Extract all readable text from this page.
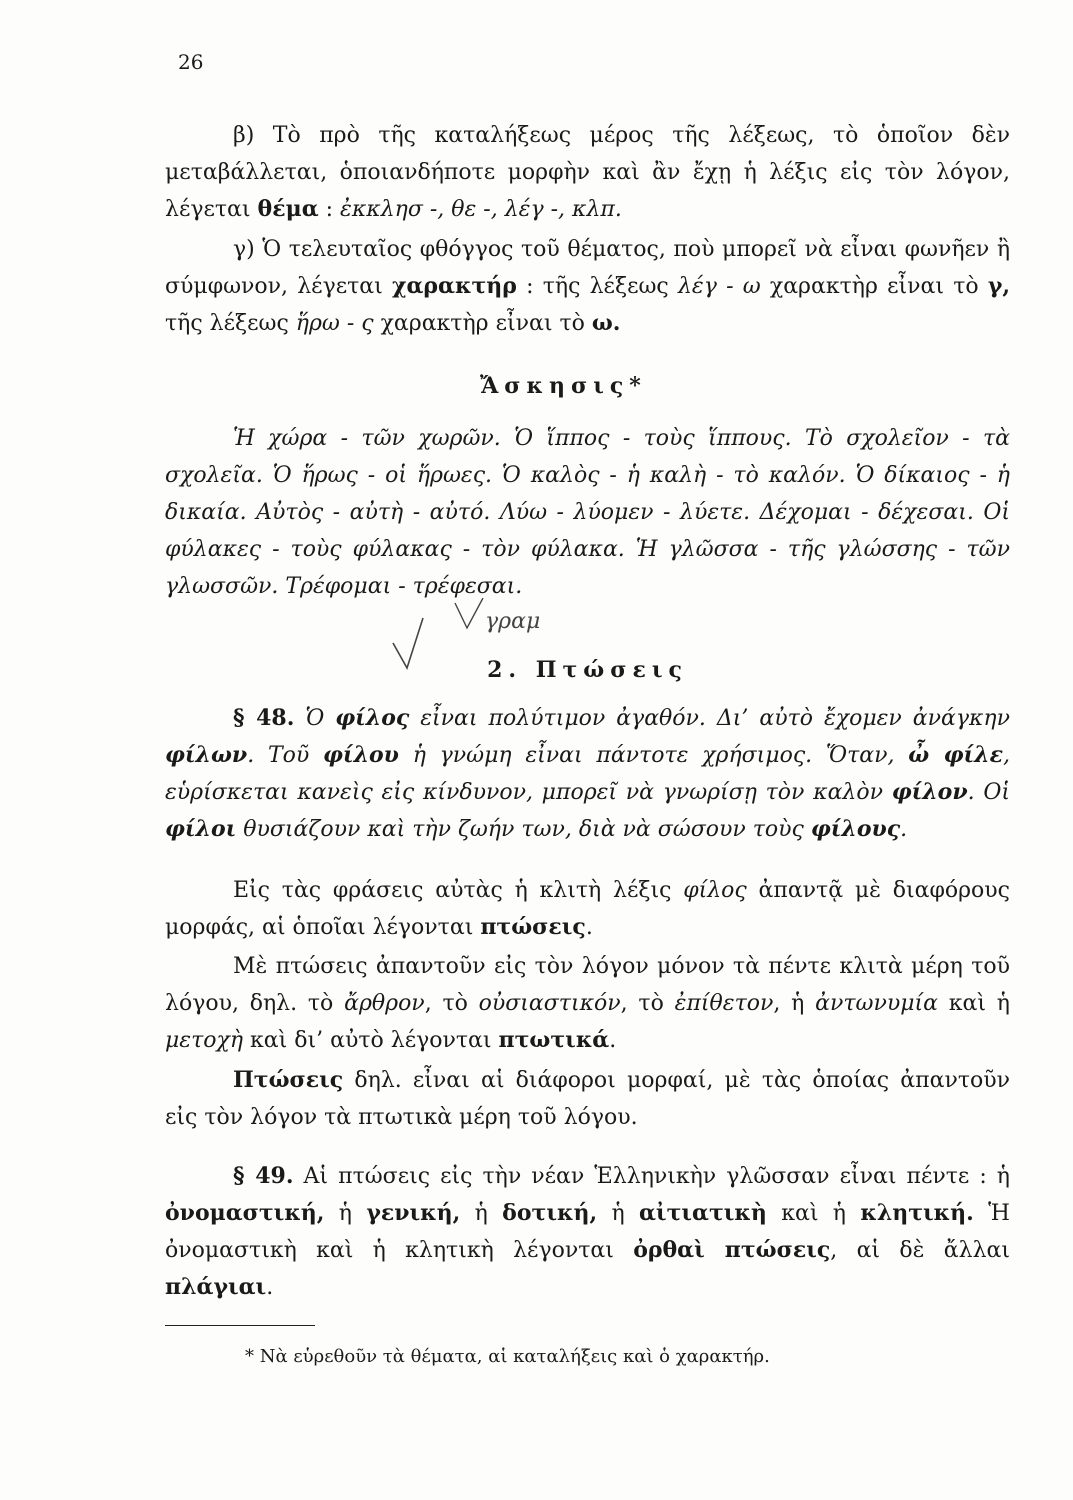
26
β) Τὸ πρὸ τῆς καταλήξεως μέρος τῆς λέξεως, τὸ ὁποῖον δὲν μεταβάλλεται, ὁποιανδήποτε μορφὴν καὶ ἂν ἔχῃ ἡ λέξις εἰς τὸν λόγον, λέγεται θέμα : ἐκκλησ -, θε -, λέγ -, κλπ.
γ) Ὁ τελευταῖος φθόγγος τοῦ θέματος, ποὺ μπορεῖ νὰ εἶναι φωνῆεν ἢ σύμφωνον, λέγεται χαρακτήρ : τῆς λέξεως λέγ - ω χαρακτὴρ εἶναι τὸ γ, τῆς λέξεως ἥρω - ς χαρακτὴρ εἶναι τὸ ω.
Ἄσκησις*
Ἡ χώρα - τῶν χωρῶν. Ὁ ἵππος - τοὺς ἵππους. Τὸ σχολεῖον - τὰ σχολεῖα. Ὁ ἥρως - οἱ ἥρωες. Ὁ καλὸς - ἡ καλὴ - τὸ καλόν. Ὁ δίκαιος - ἡ δικαία. Αὐτὸς - αὐτὴ - αὐτό. Λύω - λύομεν - λύετε. Δέχομαι - δέχεσαι. Οἱ φύλακες - τοὺς φύλακας - τὸν φύλακα. Ἡ γλῶσσα - τῆς γλώσσης - τῶν γλωσσῶν. Τρέφομαι - τρέφεσαι.
γραμ
2. Πτώσεις
§ 48. Ὁ φίλος εἶναι πολύτιμον ἀγαθόν. Δι’ αὐτὸ ἔχομεν ἀνάγκην φίλων. Τοῦ φίλου ἡ γνώμη εἶναι πάντοτε χρήσιμος. Ὅταν, ὦ φίλε, εὑρίσκεται κανεὶς εἰς κίνδυνον, μπορεῖ νὰ γνωρίσῃ τὸν καλὸν φίλον. Οἱ φίλοι θυσιάζουν καὶ τὴν ζωήν των, διὰ νὰ σώσουν τοὺς φίλους.
Εἰς τὰς φράσεις αὐτὰς ἡ κλιτὴ λέξις φίλος ἀπαντᾷ μὲ διαφόρους μορφάς, αἱ ὁποῖαι λέγονται πτώσεις.
Μὲ πτώσεις ἀπαντοῦν εἰς τὸν λόγον μόνον τὰ πέντε κλιτὰ μέρη τοῦ λόγου, δηλ. τὸ ἄρθρον, τὸ οὐσιαστικόν, τὸ ἐπίθετον, ἡ ἀντωνυμία καὶ ἡ μετοχὴ καὶ δι’ αὐτὸ λέγονται πτωτικά.
Πτώσεις δηλ. εἶναι αἱ διάφοροι μορφαί, μὲ τὰς ὁποίας ἀπαντοῦν εἰς τὸν λόγον τὰ πτωτικὰ μέρη τοῦ λόγου.
§ 49. Αἱ πτώσεις εἰς τὴν νέαν Ἑλληνικὴν γλῶσσαν εἶναι πέντε : ἡ ὀνομαστική, ἡ γενική, ἡ δοτική, ἡ αἰτιατικὴ καὶ ἡ κλητική. Ἡ ὀνομαστικὴ καὶ ἡ κλητικὴ λέγονται ὀρθαὶ πτώσεις, αἱ δὲ ἄλλαι πλάγιαι.
* Νὰ εὑρεθοῦν τὰ θέματα, αἱ καταλήξεις καὶ ὁ χαρακτήρ.
